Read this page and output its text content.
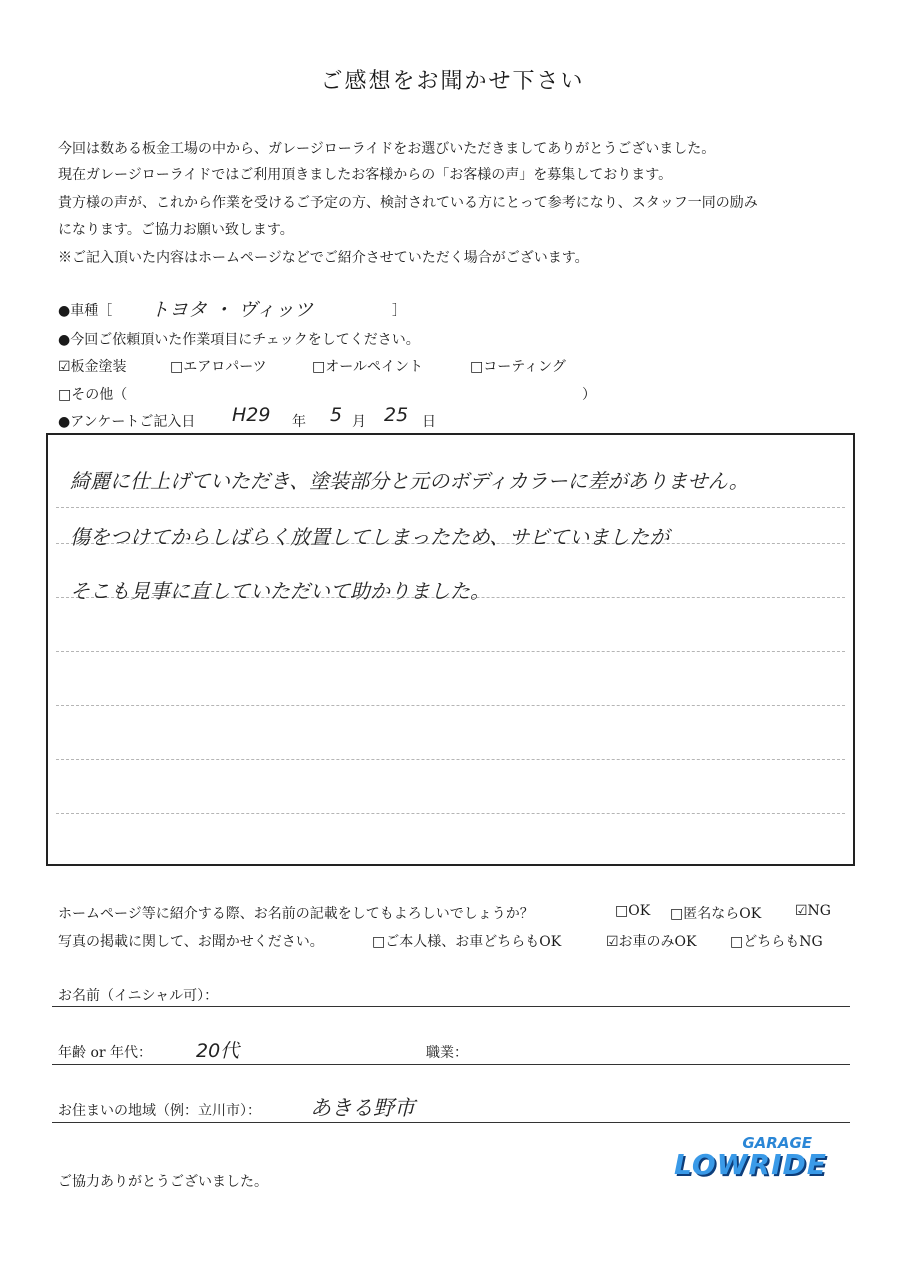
ご感想をお聞かせ下さい
今回は数ある板金工場の中から、ガレージローライドをお選びいただきましてありがとうございました。
現在ガレージローライドではご利用頂きましたお客様からの「お客様の声」を募集しております。
貴方様の声が、これから作業を受けるご予定の方、検討されている方にとって参考になり、スタッフ一同の励み
になります。ご協力お願い致します。
※ご記入頂いた内容はホームページなどでご紹介させていただく場合がございます。
●車種［ トヨタ ・ ヴィッツ	］
●今回ご依頼頂いた作業項目にチェックをしてください。
☑板金塗装	□エアロパーツ	□オールペイント	□コーティング
□その他（	）
●アンケートご記入日 H29 年 5 月 25 日
綺麗に仕上げていただき、塗装部分と元のボディカラーに差がありません。
傷をつけてからしばらく放置してしまったため、サビていましたが
そこも見事に直していただいて助かりました。
ホームページ等に紹介する際、お名前の記載をしてもよろしいでしょうか？	□OK □匿名ならOK ☑NG
写真の掲載に関して、お聞かせください。	□ご本人様、お車どちらもOK	☑お車のみOK □どちらもNG
お名前（イニシャル可）：
年齢 or 年代： 20代	職業：
お住まいの地域（例：立川市）： あきる野市
ご協力ありがとうございました。
GARAGE
LOWRIDE
